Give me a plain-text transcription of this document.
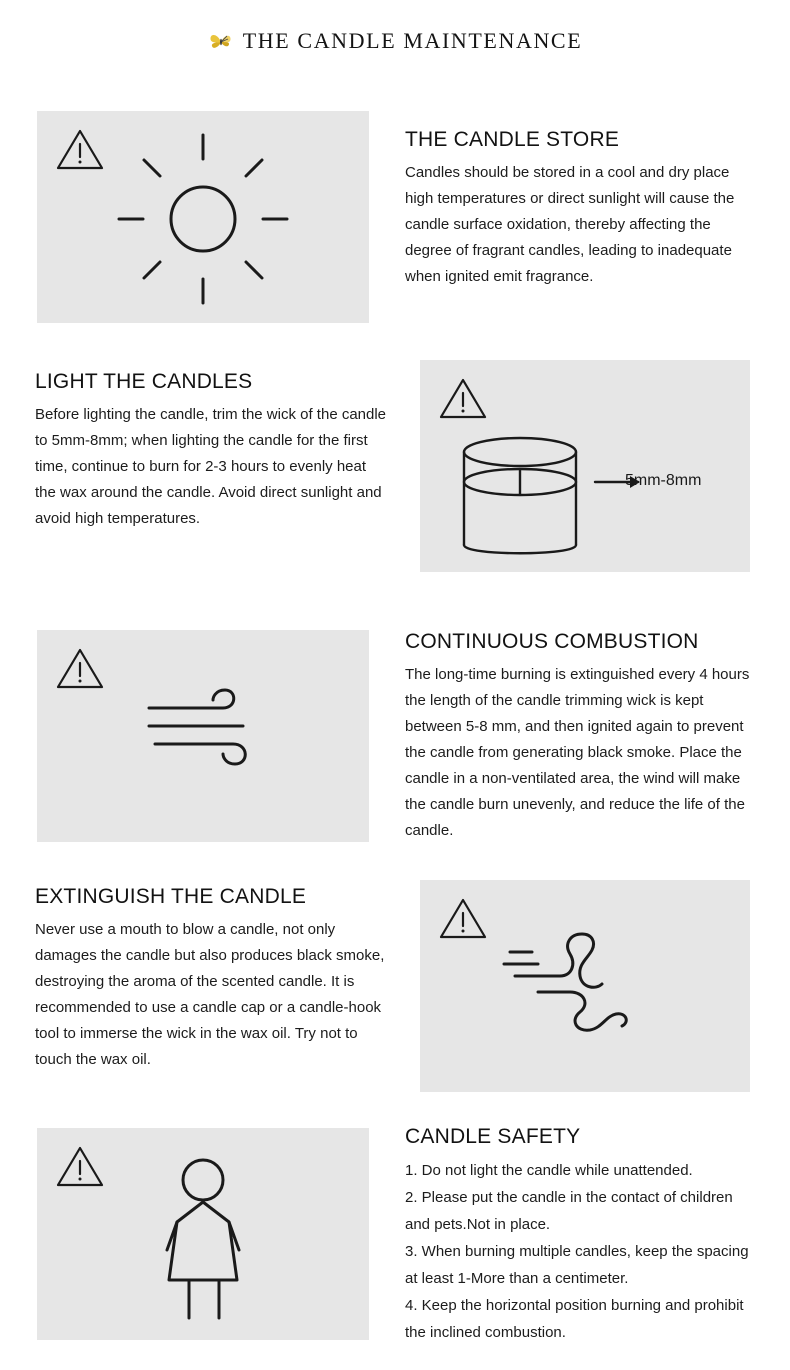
THE CANDLE MAINTENANCE
THE CANDLE STORE

Candles should be stored in a cool and dry place high temperatures or direct sunlight will cause the candle surface oxidation, thereby affecting the degree of fragrant candles, leading to inadequate when ignited emit fragrance.

LIGHT THE CANDLES

Before lighting the candle, trim the wick of the candle to 5mm-8mm; when lighting the candle for the first time, continue to burn for 2-3 hours to evenly heat the wax around the candle. Avoid direct sunlight and avoid high temperatures.

5mm-8mm
CONTINUOUS COMBUSTION

The long-time burning is extinguished every 4 hours the length of the candle trimming wick is kept between 5-8 mm, and then ignited again to prevent the candle from generating black smoke. Place the candle in a non-ventilated area, the wind will make the candle burn unevenly, and reduce the life of the candle.

EXTINGUISH THE CANDLE

Never use a mouth to blow a candle, not only damages the candle but also produces black smoke, destroying the aroma of the scented candle. It is recommended to use a candle cap or a candle-hook tool to immerse the wick in the wax oil. Try not to touch the wax oil.

CANDLE SAFETY

1. Do not light the candle while unattended.
2. Please put the candle in the contact of children and pets.Not in place.
3. When burning multiple candles, keep the spacing at least 1-More than a centimeter.
4. Keep the horizontal position burning and prohibit the inclined combustion.
